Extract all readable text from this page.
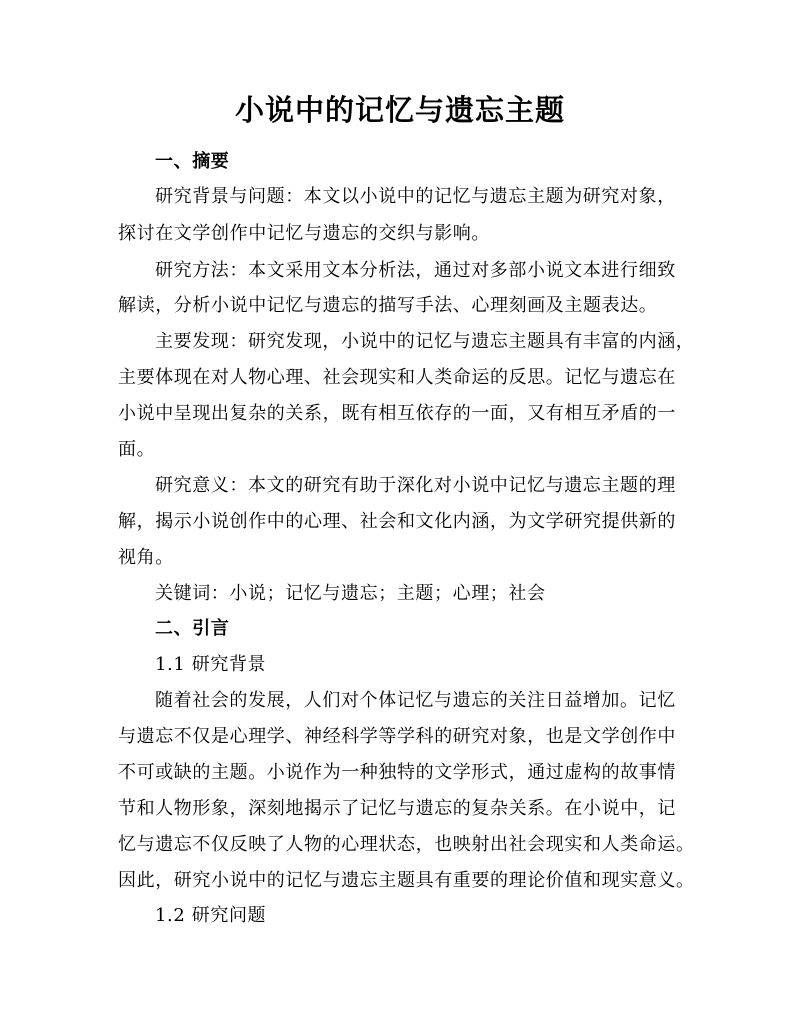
小说中的记忆与遗忘主题
一、摘要
研究背景与问题：本文以小说中的记忆与遗忘主题为研究对象，
探讨在文学创作中记忆与遗忘的交织与影响。
研究方法：本文采用文本分析法，通过对多部小说文本进行细致
解读，分析小说中记忆与遗忘的描写手法、心理刻画及主题表达。
主要发现：研究发现，小说中的记忆与遗忘主题具有丰富的内涵，
主要体现在对人物心理、社会现实和人类命运的反思。记忆与遗忘在
小说中呈现出复杂的关系，既有相互依存的一面，又有相互矛盾的一
面。
研究意义：本文的研究有助于深化对小说中记忆与遗忘主题的理
解，揭示小说创作中的心理、社会和文化内涵，为文学研究提供新的
视角。
关键词：小说；记忆与遗忘；主题；心理；社会
二、引言
1.1 研究背景
随着社会的发展，人们对个体记忆与遗忘的关注日益增加。记忆
与遗忘不仅是心理学、神经科学等学科的研究对象，也是文学创作中
不可或缺的主题。小说作为一种独特的文学形式，通过虚构的故事情
节和人物形象，深刻地揭示了记忆与遗忘的复杂关系。在小说中，记
忆与遗忘不仅反映了人物的心理状态，也映射出社会现实和人类命运。
因此，研究小说中的记忆与遗忘主题具有重要的理论价值和现实意义。
1.2 研究问题
